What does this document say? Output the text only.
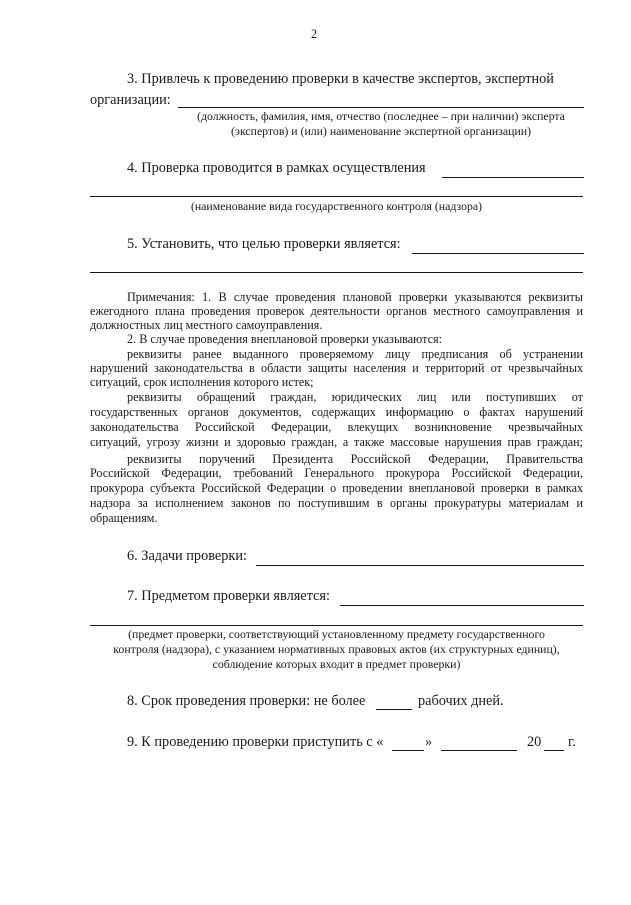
2
3. Привлечь к проведению проверки в качестве экспертов, экспертной
организации:
(должность, фамилия, имя, отчество (последнее – при наличии) эксперта
(экспертов) и (или) наименование экспертной организации)
4. Проверка проводится в рамках осуществления
(наименование вида государственного контроля (надзора)
5. Установить, что целью проверки является:
Примечания: 1. В случае проведения плановой проверки указываются реквизиты
ежегодного плана проведения проверок деятельности органов местного самоуправления и
должностных лиц местного самоуправления.
2. В случае проведения внеплановой проверки указываются:
реквизиты ранее выданного проверяемому лицу предписания об устранении
нарушений законодательства в области защиты населения и территорий от чрезвычайных
ситуаций, срок исполнения которого истек;
реквизиты обращений граждан, юридических лиц или поступивших от
государственных органов документов, содержащих информацию о фактах нарушений
законодательства Российской Федерации, влекущих возникновение чрезвычайных
ситуаций, угрозу жизни и здоровью граждан, а также массовые нарушения прав граждан;
реквизиты поручений Президента Российской Федерации, Правительства
Российской Федерации, требований Генерального прокурора Российской Федерации,
прокурора субъекта Российской Федерации о проведении внеплановой проверки в рамках
надзора за исполнением законов по поступившим в органы прокуратуры материалам и
обращениям.
6. Задачи проверки:
7. Предметом проверки является:
(предмет проверки, соответствующий установленному предмету государственного
контроля (надзора), с указанием нормативных правовых актов (их структурных единиц),
соблюдение которых входит в предмет проверки)
8. Срок проведения проверки: не более	рабочих дней.
9. К проведению проверки приступить с «	»	20 г.
